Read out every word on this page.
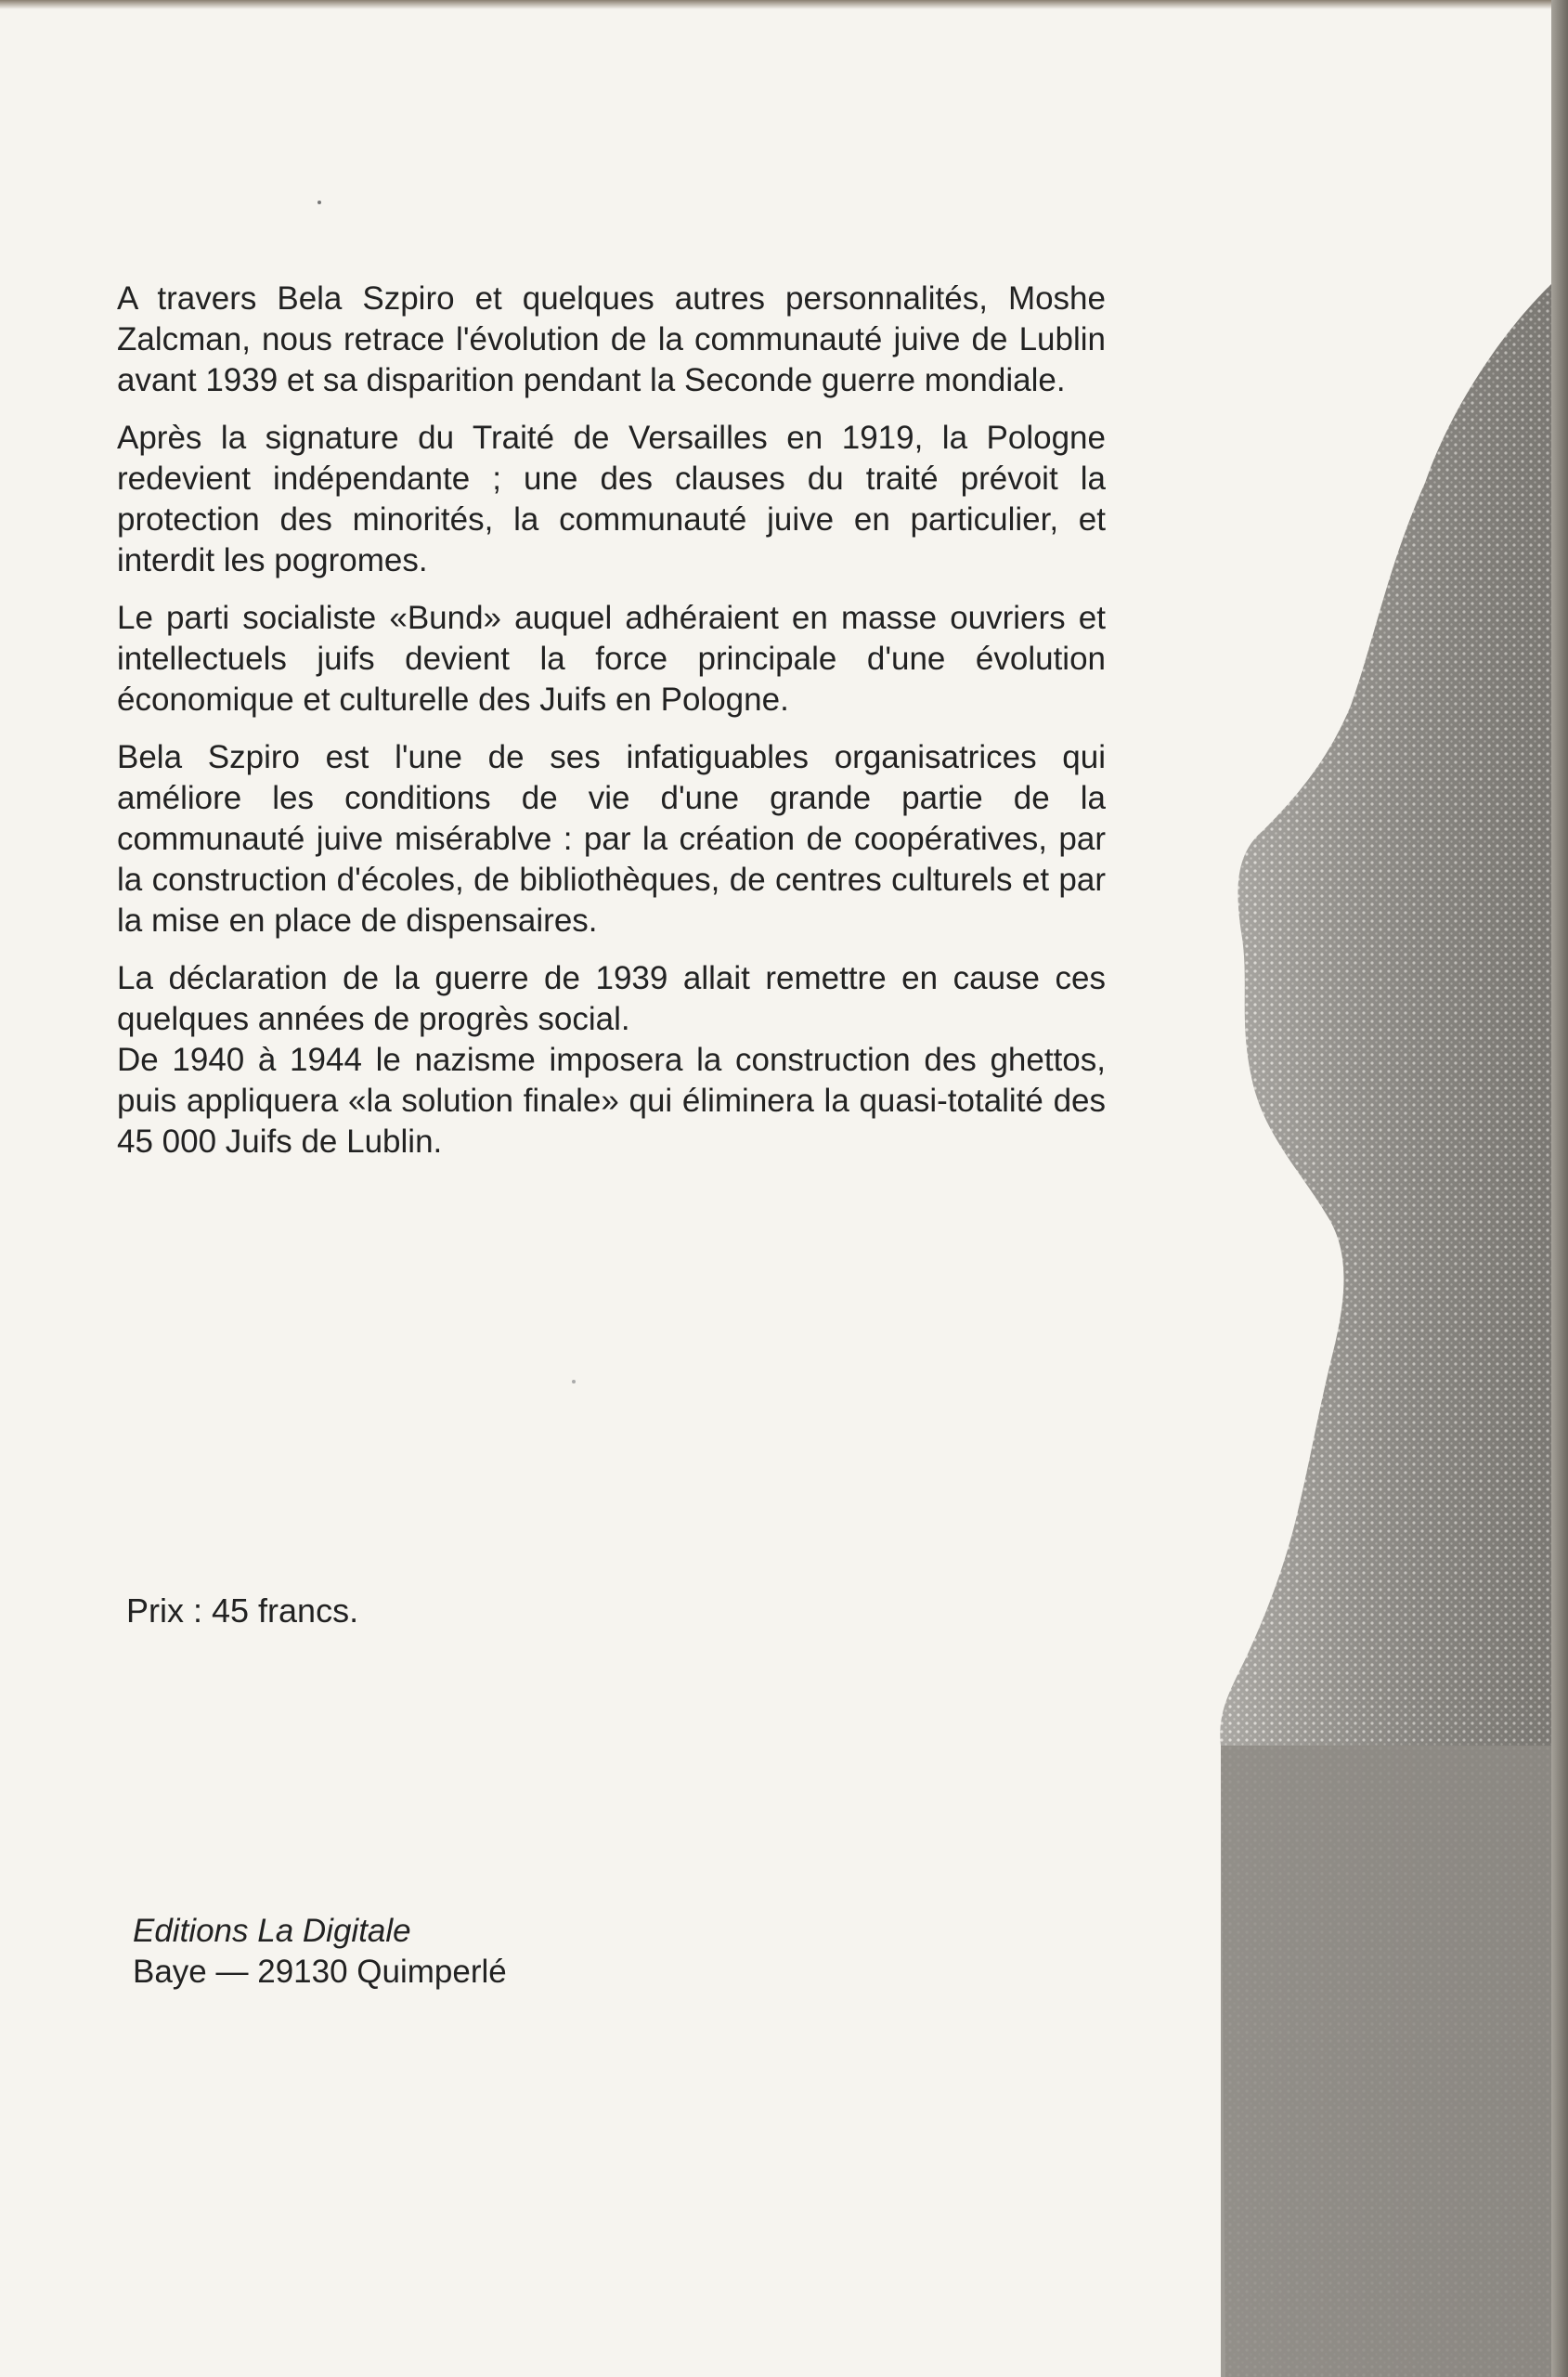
A travers Bela Szpiro et quelques autres personnalités, Moshe Zalcman, nous retrace l'évolution de la communauté juive de Lublin avant 1939 et sa disparition pendant la Seconde guerre mondiale.

Après la signature du Traité de Versailles en 1919, la Pologne redevient indépendante ; une des clauses du traité prévoit la protection des minorités, la communauté juive en particulier, et interdit les pogromes.

Le parti socialiste «Bund» auquel adhéraient en masse ouvriers et intellectuels juifs devient la force principale d'une évolution économique et culturelle des Juifs en Pologne.

Bela Szpiro est l'une de ses infatiguables organisatrices qui améliore les conditions de vie d'une grande partie de la communauté juive misérablve : par la création de coopératives, par la construction d'écoles, de bibliothèques, de centres culturels et par la mise en place de dispensaires.

La déclaration de la guerre de 1939 allait remettre en cause ces quelques années de progrès social.

De 1940 à 1944 le nazisme imposera la construction des ghettos, puis appliquera «la solution finale» qui éliminera la quasi-totalité des 45 000 Juifs de Lublin.

Prix : 45 francs.
Editions La Digitale
Baye — 29130 Quimperlé
